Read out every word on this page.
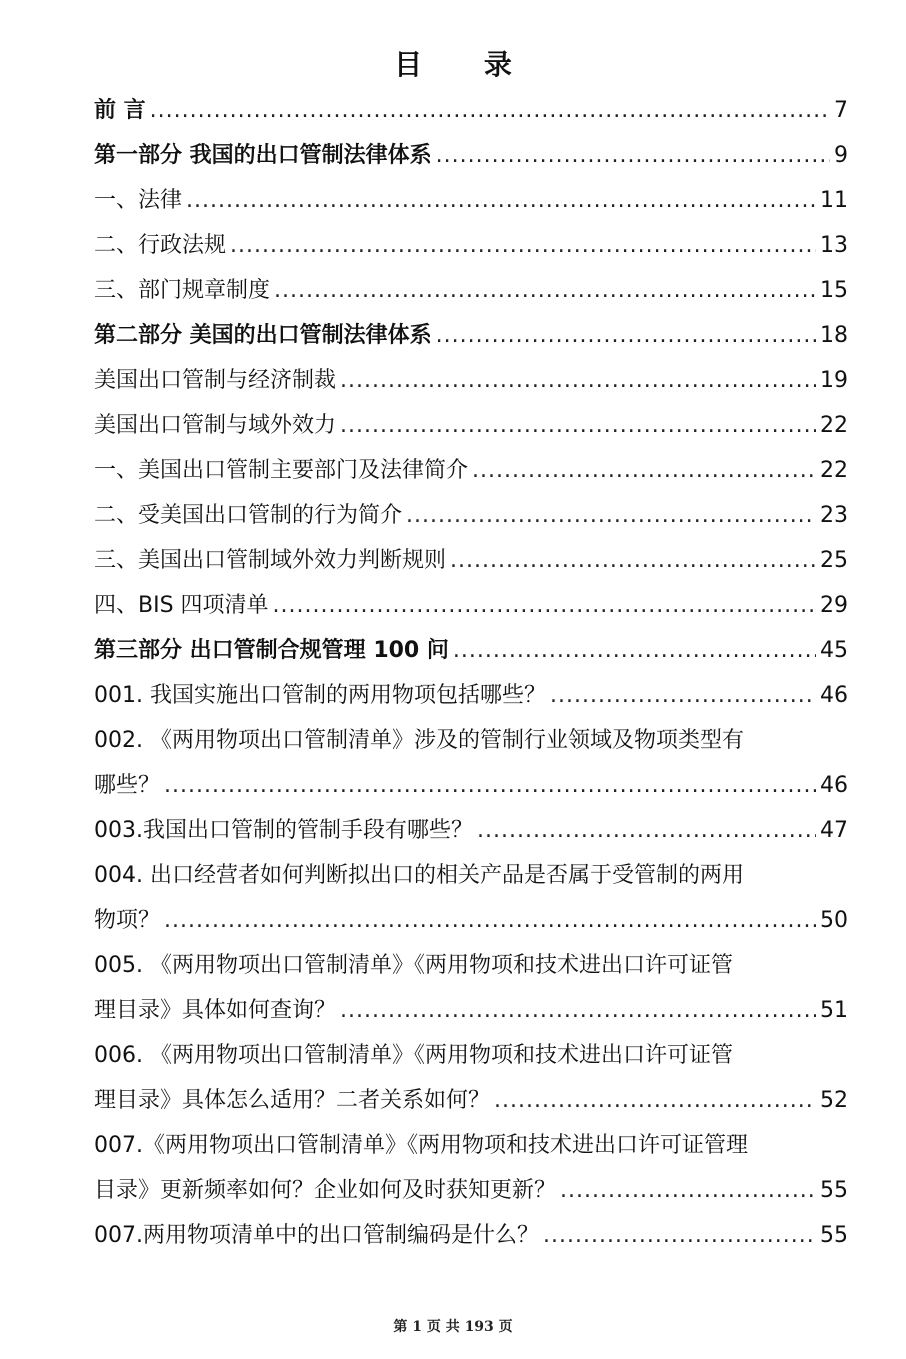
目 录
前 言 .....	7
第一部分 我国的出口管制法律体系 .....	9
一、法律 .....	11
二、行政法规 .....	13
三、部门规章制度 .....	15
第二部分 美国的出口管制法律体系 .....	18
美国出口管制与经济制裁 .....	19
美国出口管制与域外效力 .....	22
一、美国出口管制主要部门及法律简介 .....	22
二、受美国出口管制的行为简介 .....	23
三、美国出口管制域外效力判断规则 .....	25
四、BIS 四项清单 .....	29
第三部分 出口管制合规管理 100 问 .....	45
001. 我国实施出口管制的两用物项包括哪些？ .....	46
002. 《两用物项出口管制清单》涉及的管制行业领域及物项类型有
哪些？ .....	46
003.我国出口管制的管制手段有哪些？ .....	47
004. 出口经营者如何判断拟出口的相关产品是否属于受管制的两用
物项？ .....	50
005. 《两用物项出口管制清单》《两用物项和技术进出口许可证管
理目录》具体如何查询？ .....	51
006. 《两用物项出口管制清单》《两用物项和技术进出口许可证管
理目录》具体怎么适用？二者关系如何？ .....	52
007.《两用物项出口管制清单》《两用物项和技术进出口许可证管理
目录》更新频率如何？企业如何及时获知更新？ .....	55
007.两用物项清单中的出口管制编码是什么？ .....	55
第 1 页 共 193 页
